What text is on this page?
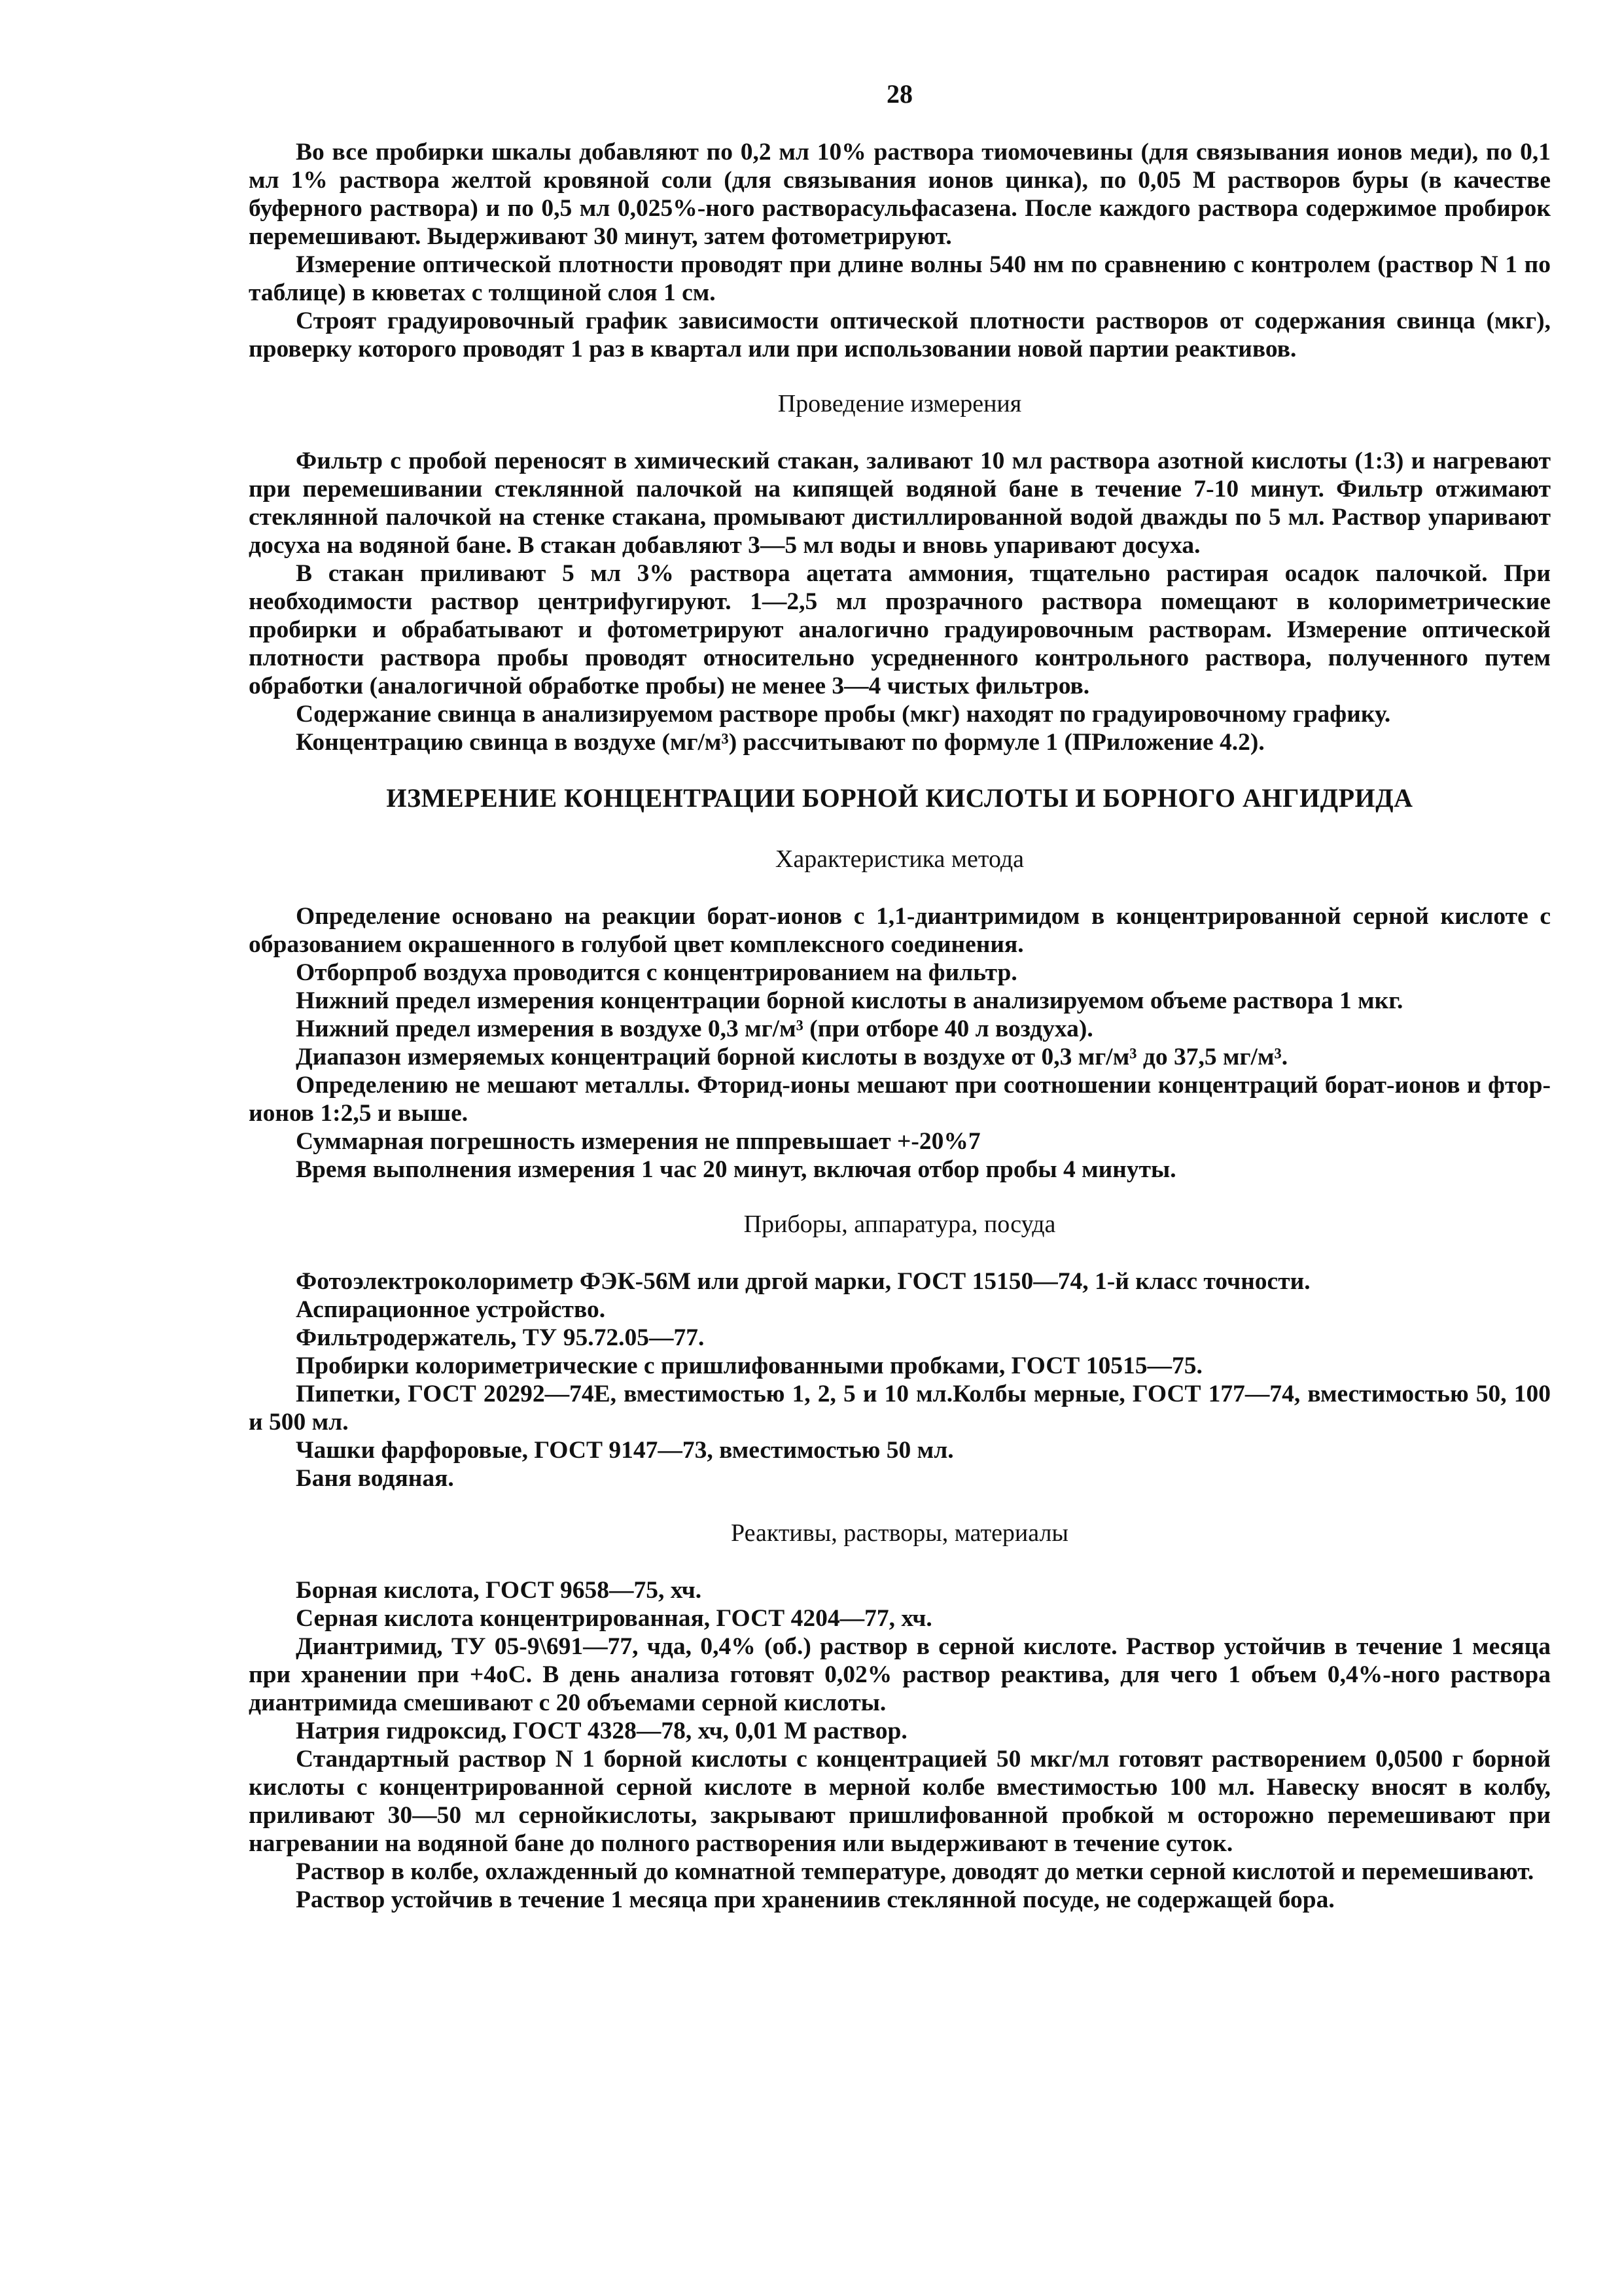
28

Во все пробирки шкалы добавляют по 0,2 мл 10% раствора тиомочевины (для связывания ионов меди), по 0,1 мл 1% раствора желтой кровяной соли (для связывания ионов цинка), по 0,05 М растворов буры (в качестве буферного раствора) и по 0,5 мл 0,025%-ного растворасульфасазена. После каждого раствора содержимое пробирок перемешивают. Выдерживают 30 минут, затем фотометрируют.

Измерение оптической плотности проводят при длине волны 540 нм по сравнению с контролем (раствор N 1 по таблице) в кюветах с толщиной слоя 1 см.

Строят градуировочный график зависимости оптической плотности растворов от содержания свинца (мкг), проверку которого проводят 1 раз в квартал или при использовании новой партии реактивов.

Проведение измерения

Фильтр с пробой переносят в химический стакан, заливают 10 мл раствора азотной кислоты (1:3) и нагревают при перемешивании стеклянной палочкой на кипящей водяной бане в течение 7-10 минут. Фильтр отжимают стеклянной палочкой на стенке стакана, промывают дистиллированной водой дважды по 5 мл. Раствор упаривают досуха на водяной бане. В стакан добавляют 3—5 мл воды и вновь упаривают досуха.

В стакан приливают 5 мл 3% раствора ацетата аммония, тщательно растирая осадок палочкой. При необходимости раствор центрифугируют. 1—2,5 мл прозрачного раствора помещают в колориметрические пробирки и обрабатывают и фотометрируют аналогично градуировочным растворам. Измерение оптической плотности раствора пробы проводят относительно усредненного контрольного раствора, полученного путем обработки (аналогичной обработке пробы) не менее 3—4 чистых фильтров.

Содержание свинца в анализируемом растворе пробы (мкг) находят по градуировочному графику.

Концентрацию свинца в воздухе (мг/м³) рассчитывают по формуле 1 (ПРиложение 4.2).

ИЗМЕРЕНИЕ КОНЦЕНТРАЦИИ БОРНОЙ КИСЛОТЫ И БОРНОГО АНГИДРИДА
Характеристика метода

Определение основано на реакции борат-ионов с 1,1-диантримидом в концентрированной серной кислоте с образованием окрашенного в голубой цвет комплексного соединения.

Отборпроб воздуха проводится с концентрированием на фильтр.

Нижний предел измерения концентрации борной кислоты в анализируемом объеме раствора 1 мкг.

Нижний предел измерения в воздухе 0,3 мг/м³ (при отборе 40 л воздуха).

Диапазон измеряемых концентраций борной кислоты в воздухе от 0,3 мг/м³ до 37,5 мг/м³.

Определению не мешают металлы. Фторид-ионы мешают при соотношении концентраций борат-ионов и фтор-ионов 1:2,5 и выше.

Суммарная погрешность измерения не пппревышает +-20%7

Время выполнения измерения 1 час 20 минут, включая отбор пробы 4 минуты.

Приборы, аппаратура, посуда

Фотоэлектроколориметр ФЭК-56М или дргой марки, ГОСТ 15150—74, 1-й класс точности.

Аспирационное устройство.

Фильтродержатель, ТУ 95.72.05—77.

Пробирки колориметрические с пришлифованными пробками, ГОСТ 10515—75.

Пипетки, ГОСТ 20292—74Е, вместимостью 1, 2, 5 и 10 мл.Колбы мерные, ГОСТ 177—74, вместимостью 50, 100 и 500 мл.

Чашки фарфоровые, ГОСТ 9147—73, вместимостью 50 мл.

Баня водяная.

Реактивы, растворы, материалы

Борная кислота, ГОСТ 9658—75, хч.

Серная кислота концентрированная, ГОСТ 4204—77, хч.

Диантримид, ТУ 05-9\691—77, чда, 0,4% (об.) раствор в серной кислоте. Раствор устойчив в течение 1 месяца при хранении при +4оС. В день анализа готовят 0,02% раствор реактива, для чего 1 объем 0,4%-ного раствора диантримида смешивают с 20 объемами серной кислоты.

Натрия гидроксид, ГОСТ 4328—78, хч, 0,01 М раствор.

Стандартный раствор N 1 борной кислоты с концентрацией 50 мкг/мл готовят растворением 0,0500 г борной кислоты с концентрированной серной кислоте в мерной колбе вместимостью 100 мл. Навеску вносят в колбу, приливают 30—50 мл сернойкислоты, закрывают пришлифованной пробкой м осторожно перемешивают при нагревании на водяной бане до полного растворения или выдерживают в течение суток.

Раствор в колбе, охлажденный до комнатной температуре, доводят до метки серной кислотой и перемешивают.

Раствор устойчив в течение 1 месяца при хранениив стеклянной посуде, не содержащей бора.
